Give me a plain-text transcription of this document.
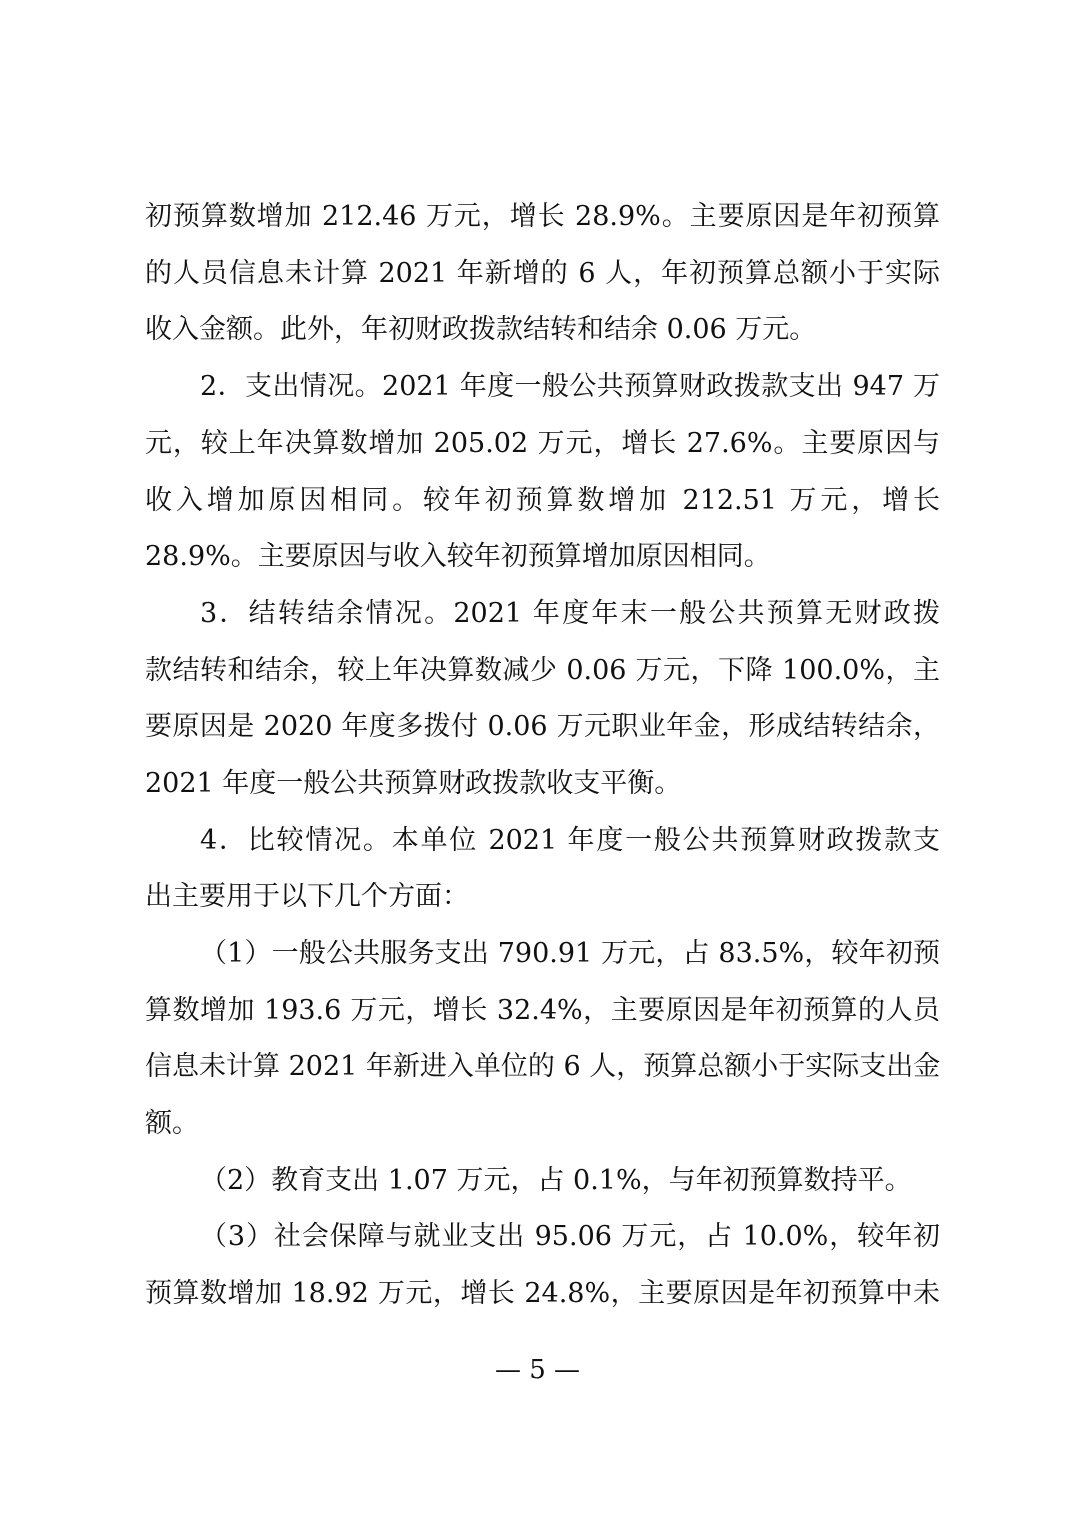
初预算数增加 212.46 万元，增长 28.9%。主要原因是年初预算
的人员信息未计算 2021 年新增的 6 人，年初预算总额小于实际
收入金额。此外，年初财政拨款结转和结余 0.06 万元。
2．支出情况。2021 年度一般公共预算财政拨款支出 947 万
元，较上年决算数增加 205.02 万元，增长 27.6%。主要原因与
收入增加原因相同。较年初预算数增加 212.51 万元，增长
28.9%。主要原因与收入较年初预算增加原因相同。
3．结转结余情况。2021 年度年末一般公共预算无财政拨
款结转和结余，较上年决算数减少 0.06 万元，下降 100.0%，主
要原因是 2020 年度多拨付 0.06 万元职业年金，形成结转结余，
2021 年度一般公共预算财政拨款收支平衡。
4．比较情况。本单位 2021 年度一般公共预算财政拨款支
出主要用于以下几个方面：
（1）一般公共服务支出 790.91 万元，占 83.5%，较年初预
算数增加 193.6 万元，增长 32.4%，主要原因是年初预算的人员
信息未计算 2021 年新进入单位的 6 人，预算总额小于实际支出金
额。
（2）教育支出 1.07 万元，占 0.1%，与年初预算数持平。
（3）社会保障与就业支出 95.06 万元，占 10.0%，较年初
预算数增加 18.92 万元，增长 24.8%，主要原因是年初预算中未
— 5 —
